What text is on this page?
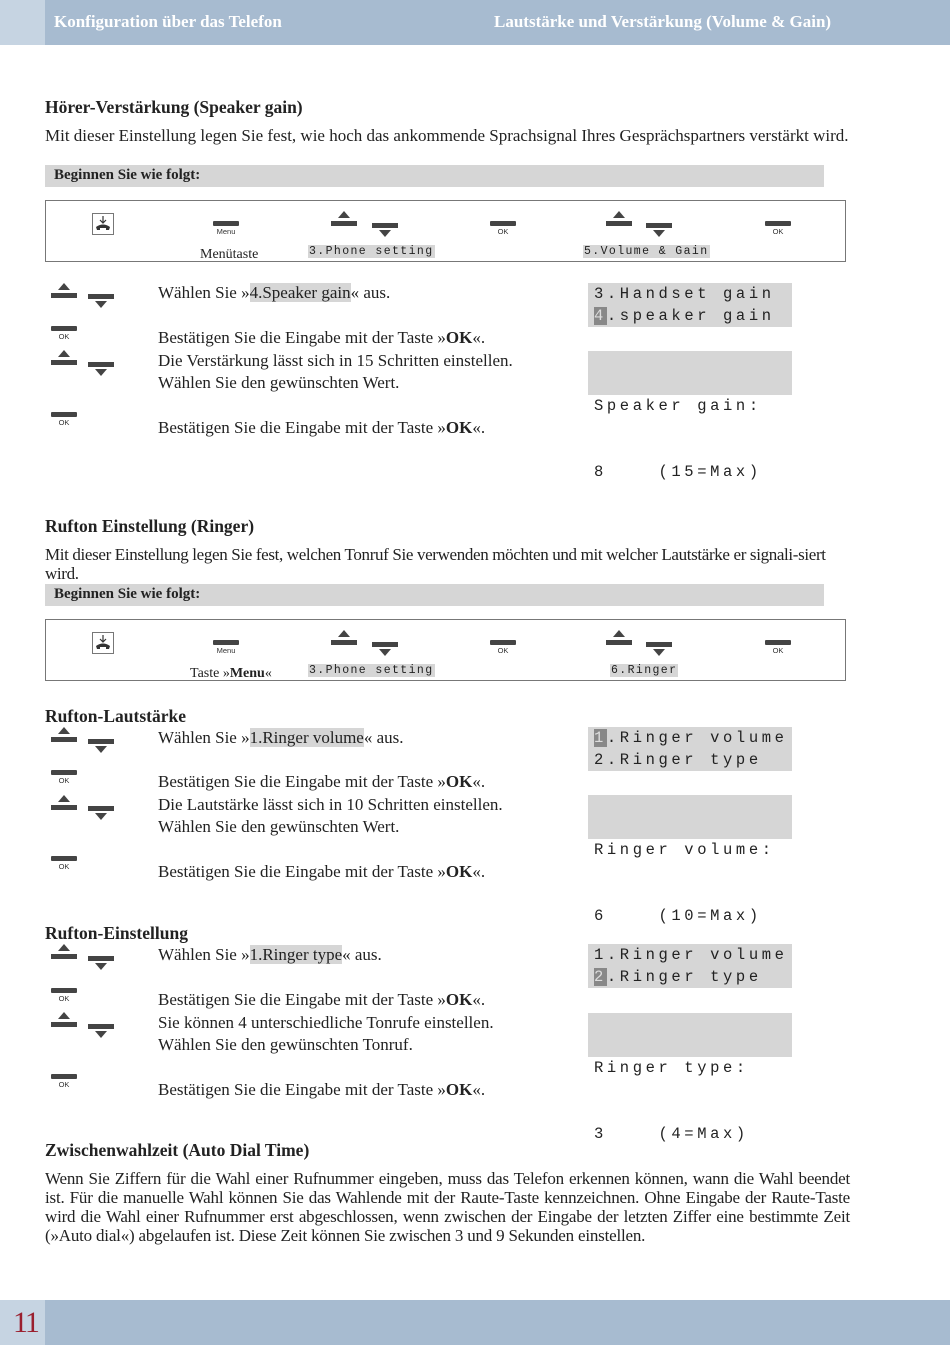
Konfiguration über das Telefon	Lautstärke und Verstärkung (Volume & Gain)
Hörer-Verstärkung (Speaker gain)
Mit dieser Einstellung legen Sie fest, wie hoch das ankommende Sprachsignal Ihres Gesprächspartners verstärkt wird.
Beginnen Sie wie folgt:
Menu
Menütaste	3.Phone setting
OK
5.Volume & Gain
OK
Wählen Sie »4.Speaker gain« aus.
OK	Bestätigen Sie die Eingabe mit der Taste »OK«.
Die Verstärkung lässt sich in 15 Schritten einstellen.
Wählen Sie den gewünschten Wert.
OK	Bestätigen Sie die Eingabe mit der Taste »OK«.
3.Handset gain
4.speaker gain

Speaker gain:

8    (15=Max)

Rufton Einstellung (Ringer)
Mit dieser Einstellung legen Sie fest, welchen Tonruf Sie verwenden möchten und mit welcher Lautstärke er signali-siert wird.
Beginnen Sie wie folgt:
Menu
Taste »Menu«	3.Phone setting
OK
6.Ringer
OK
Rufton-Lautstärke
Wählen Sie »1.Ringer volume« aus.
OK	Bestätigen Sie die Eingabe mit der Taste »OK«.
Die Lautstärke lässt sich in 10 Schritten einstellen.
Wählen Sie den gewünschten Wert.
OK	Bestätigen Sie die Eingabe mit der Taste »OK«.
1.Ringer volume
2.Ringer type

Ringer volume:

6    (10=Max)

Rufton-Einstellung
Wählen Sie »1.Ringer type« aus.
OK	Bestätigen Sie die Eingabe mit der Taste »OK«.
Sie können 4 unterschiedliche Tonrufe einstellen.
Wählen Sie den gewünschten Tonruf.
OK	Bestätigen Sie die Eingabe mit der Taste »OK«.
1.Ringer volume
2.Ringer type

Ringer type:

3    (4=Max)

Zwischenwahlzeit (Auto Dial Time)
Wenn Sie Ziffern für die Wahl einer Rufnummer eingeben, muss das Telefon erkennen können, wann die Wahl beendet ist. Für die manuelle Wahl können Sie das Wahlende mit der Raute-Taste kennzeichnen. Ohne Eingabe der Raute-Taste wird die Wahl einer Rufnummer erst abgeschlossen, wenn zwischen der Eingabe der letzten Ziffer eine bestimmte Zeit (»Auto dial«) abgelaufen ist. Diese Zeit können Sie zwischen 3 und 9 Sekunden einstellen.
11
